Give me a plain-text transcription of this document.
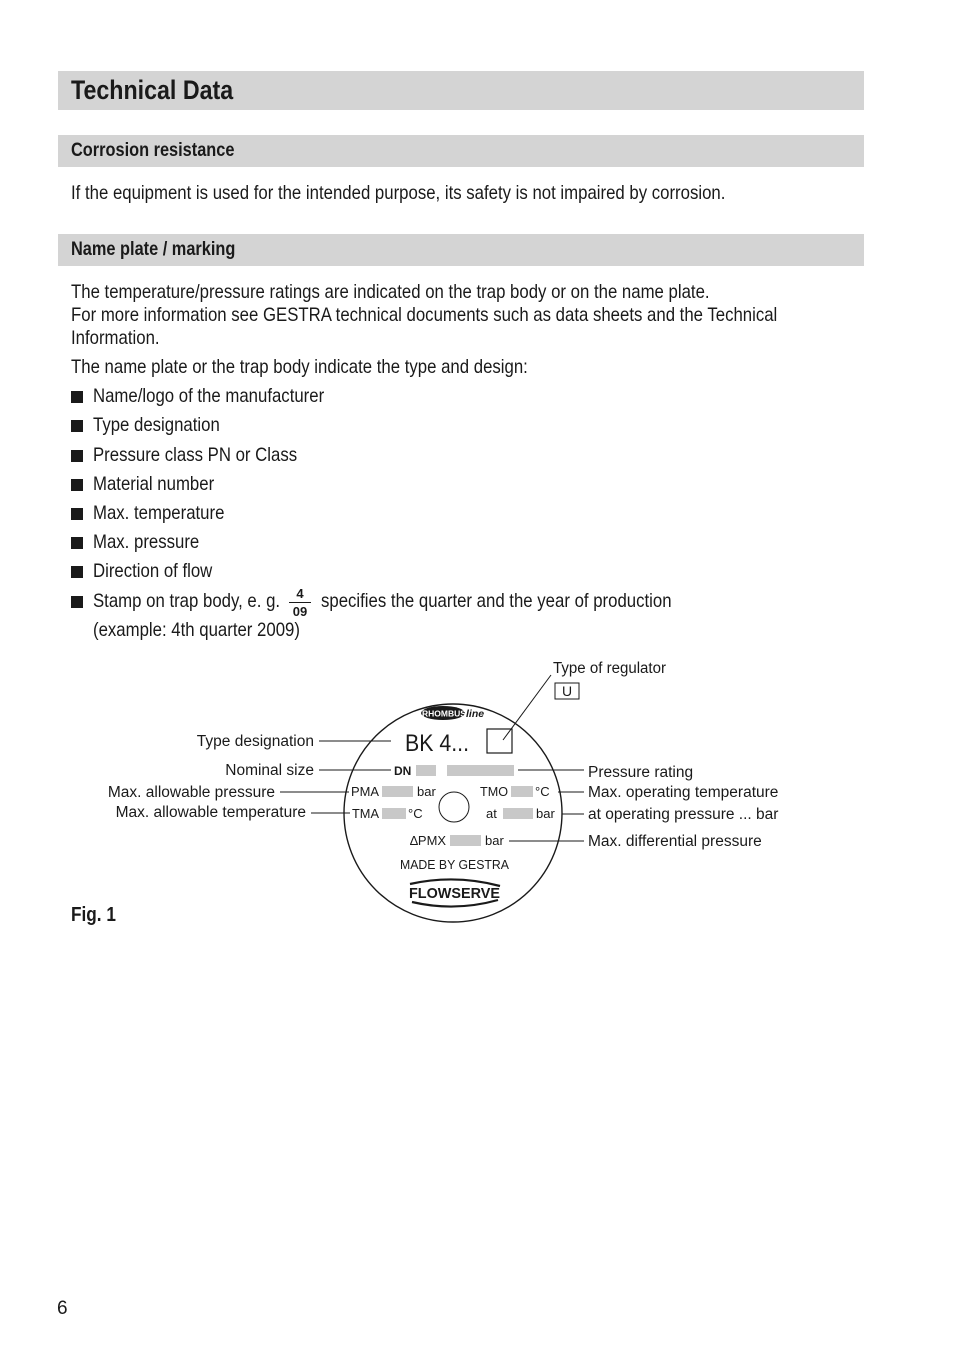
Technical Data
Corrosion resistance
If the equipment is used for the intended purpose, its safety is not impaired by corrosion.
Name plate / marking
The temperature/pressure ratings are indicated on the trap body or on the name plate.
For more information see GESTRA technical documents such as data sheets and the Technical
Information.
The name plate or the trap body indicate the type and design:
Name/logo of the manufacturer
Type designation
Pressure class PN or Class
Material number
Max. temperature
Max. pressure
Direction of flow
Stamp on trap body, e. g.	4
09 specifies the quarter and the year of production
(example: 4th quarter 2009)
RHOMBUS line
BK 4...
DN
PMA	bar	TMO °C
TMA °C	at	bar
∆PMX	bar
MADE BY GESTRA
FLOWSERVE
Type of regulator
U
Type designation
Nominal size
Max. allowable pressure
Max. allowable temperature
Pressure rating
Max. operating temperature
at operating pressure ... bar
Max. differential pressure
Fig. 1
6
